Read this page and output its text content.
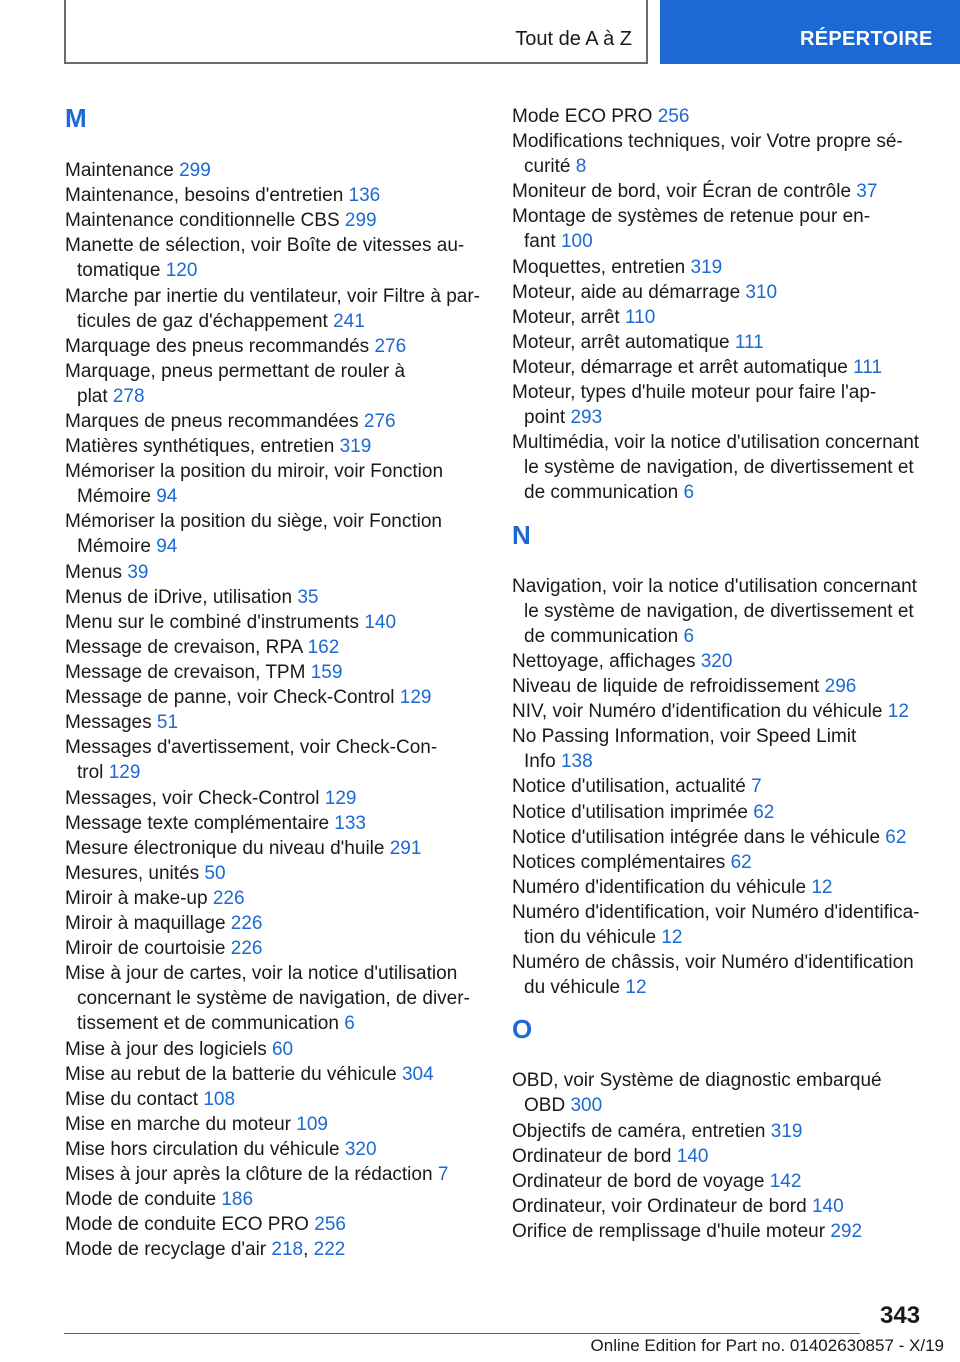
Tout de A à Z	RÉPERTOIRE
M
Maintenance 299
Maintenance, besoins d'entretien 136
Maintenance conditionnelle CBS 299
Manette de sélection, voir Boîte de vitesses au-
tomatique 120
Marche par inertie du ventilateur, voir Filtre à par-
ticules de gaz d'échappement 241
Marquage des pneus recommandés 276
Marquage, pneus permettant de rouler à
plat 278
Marques de pneus recommandées 276
Matières synthétiques, entretien 319
Mémoriser la position du miroir, voir Fonction
Mémoire 94
Mémoriser la position du siège, voir Fonction
Mémoire 94
Menus 39
Menus de iDrive, utilisation 35
Menu sur le combiné d'instruments 140
Message de crevaison, RPA 162
Message de crevaison, TPM 159
Message de panne, voir Check-Control 129
Messages 51
Messages d'avertissement, voir Check-Con-
trol 129
Messages, voir Check-Control 129
Message texte complémentaire 133
Mesure électronique du niveau d'huile 291
Mesures, unités 50
Miroir à make-up 226
Miroir à maquillage 226
Miroir de courtoisie 226
Mise à jour de cartes, voir la notice d'utilisation
concernant le système de navigation, de diver-
tissement et de communication 6
Mise à jour des logiciels 60
Mise au rebut de la batterie du véhicule 304
Mise du contact 108
Mise en marche du moteur 109
Mise hors circulation du véhicule 320
Mises à jour après la clôture de la rédaction 7
Mode de conduite 186
Mode de conduite ECO PRO 256
Mode de recyclage d'air 218, 222
Mode ECO PRO 256
Modifications techniques, voir Votre propre sé-
curité 8
Moniteur de bord, voir Écran de contrôle 37
Montage de systèmes de retenue pour en-
fant 100
Moquettes, entretien 319
Moteur, aide au démarrage 310
Moteur, arrêt 110
Moteur, arrêt automatique 111
Moteur, démarrage et arrêt automatique 111
Moteur, types d'huile moteur pour faire l'ap-
point 293
Multimédia, voir la notice d'utilisation concernant
le système de navigation, de divertissement et
de communication 6
N
Navigation, voir la notice d'utilisation concernant
le système de navigation, de divertissement et
de communication 6
Nettoyage, affichages 320
Niveau de liquide de refroidissement 296
NIV, voir Numéro d'identification du véhicule 12
No Passing Information, voir Speed Limit
Info 138
Notice d'utilisation, actualité 7
Notice d'utilisation imprimée 62
Notice d'utilisation intégrée dans le véhicule 62
Notices complémentaires 62
Numéro d'identification du véhicule 12
Numéro d'identification, voir Numéro d'identifica-
tion du véhicule 12
Numéro de châssis, voir Numéro d'identification
du véhicule 12
O
OBD, voir Système de diagnostic embarqué
OBD 300
Objectifs de caméra, entretien 319
Ordinateur de bord 140
Ordinateur de bord de voyage 142
Ordinateur, voir Ordinateur de bord 140
Orifice de remplissage d'huile moteur 292
343
Online Edition for Part no. 01402630857 - X/19
